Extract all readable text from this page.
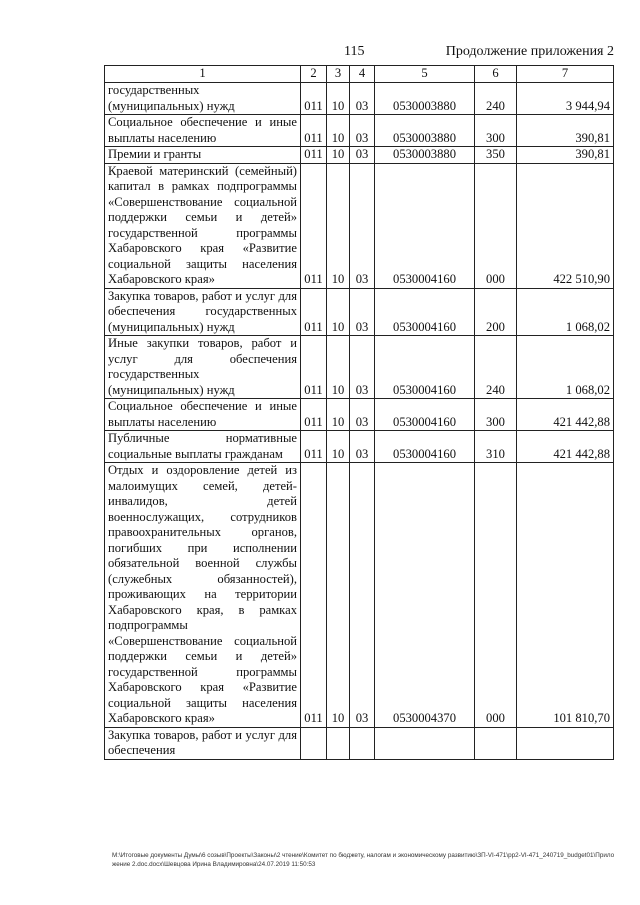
115	Продолжение приложения 2
1	2	3	4	5	6	7
государственных (муниципальных) нужд	011	10	03	0530003880	240	3 944,94
Социальное обеспечение и иные выплаты населению	011	10	03	0530003880	300	390,81
Премии и гранты	011	10	03	0530003880	350	390,81
Краевой материнский (семейный) капитал в рамках подпрограммы «Совершенствование социальной поддержки семьи и детей» государственной программы Хабаровского края «Развитие социальной защиты населения Хабаровского края»	011	10	03	0530004160	000	422 510,90
Закупка товаров, работ и услуг для обеспечения государственных (муниципальных) нужд	011	10	03	0530004160	200	1 068,02
Иные закупки товаров, работ и услуг для обеспечения государственных (муниципальных) нужд	011	10	03	0530004160	240	1 068,02
Социальное обеспечение и иные выплаты населению	011	10	03	0530004160	300	421 442,88
Публичные нормативные социальные выплаты гражданам	011	10	03	0530004160	310	421 442,88
Отдых и оздоровление детей из малоимущих семей, детей-инвалидов, детей военнослужащих, сотрудников правоохранительных органов, погибших при исполнении обязательной военной службы (служебных обязанностей), проживающих на территории Хабаровского края, в рамках подпрограммы «Совершенствование социальной поддержки семьи и детей» государственной программы Хабаровского края «Развитие социальной защиты населения Хабаровского края»	011	10	03	0530004370	000	101 810,70
Закупка товаров, работ и услуг для обеспечения						
M:\Итоговые документы Думы\6 созыв\Проекты\Законы\2 чтение\Комитет по бюджету, налогам и экономическому развитию\ЗП-VI-471\рр2-VI-471_240719_budget01\Приложение 2.doc.docx\Шевцова Ирина Владимировна\24.07.2019 11:50:53
